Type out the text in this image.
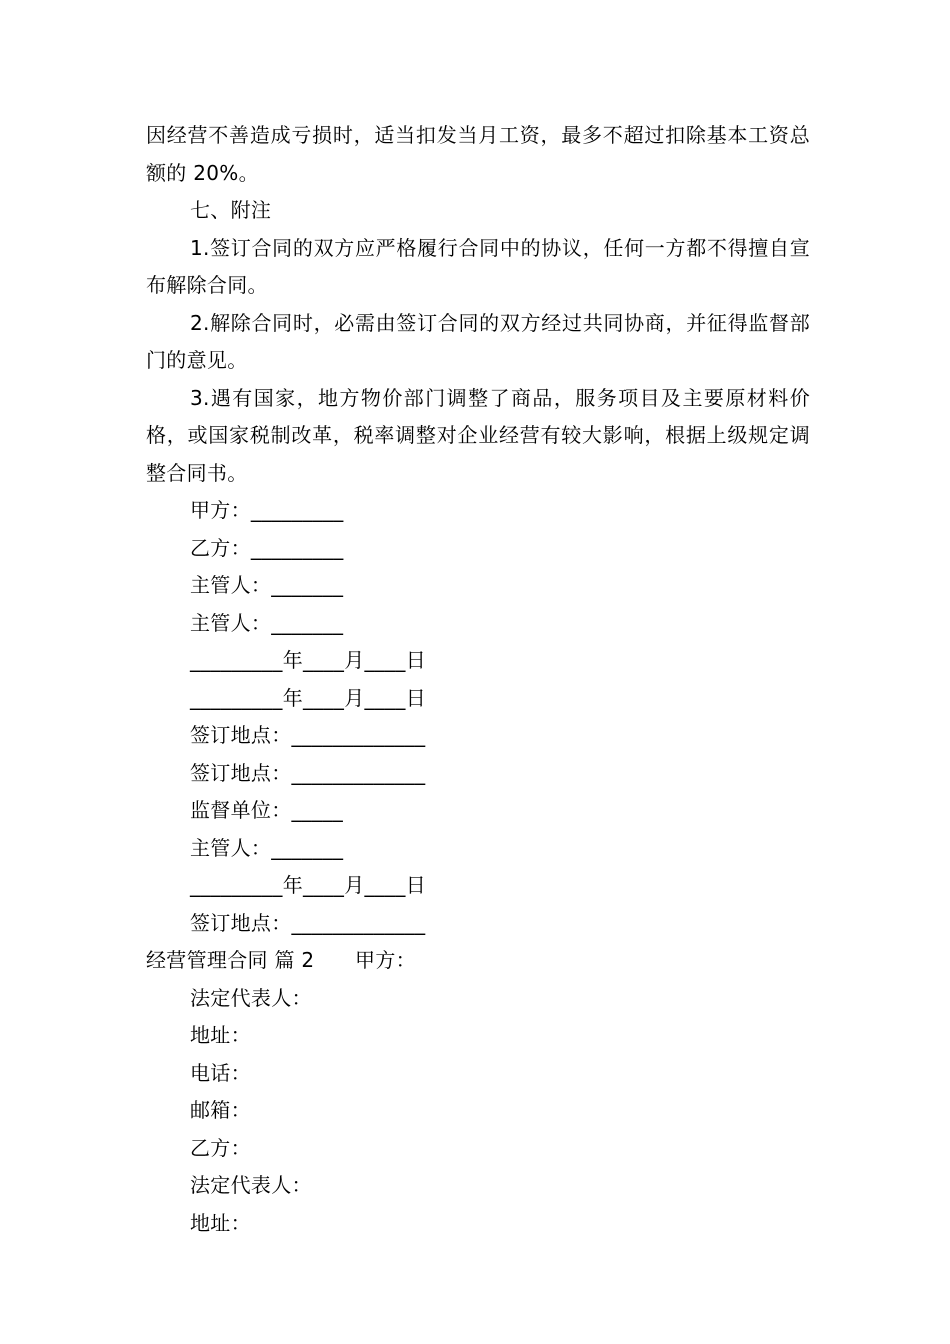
因经营不善造成亏损时，适当扣发当月工资，最多不超过扣除基本工资总额的 20%。

七、附注

1.签订合同的双方应严格履行合同中的协议，任何一方都不得擅自宣布解除合同。

2.解除合同时，必需由签订合同的双方经过共同协商，并征得监督部门的意见。

3.遇有国家，地方物价部门调整了商品，服务项目及主要原材料价格，或国家税制改革，税率调整对企业经营有较大影响，根据上级规定调整合同书。

甲方：_________

乙方：_________

主管人：_______

主管人：_______

_________年____月____日

_________年____月____日

签订地点：_____________

签订地点：_____________

监督单位：_____

主管人：_______

_________年____月____日

签订地点：_____________

经营管理合同 篇 2　　甲方：

法定代表人：

地址：

电话：

邮箱：

乙方：

法定代表人：

地址：
